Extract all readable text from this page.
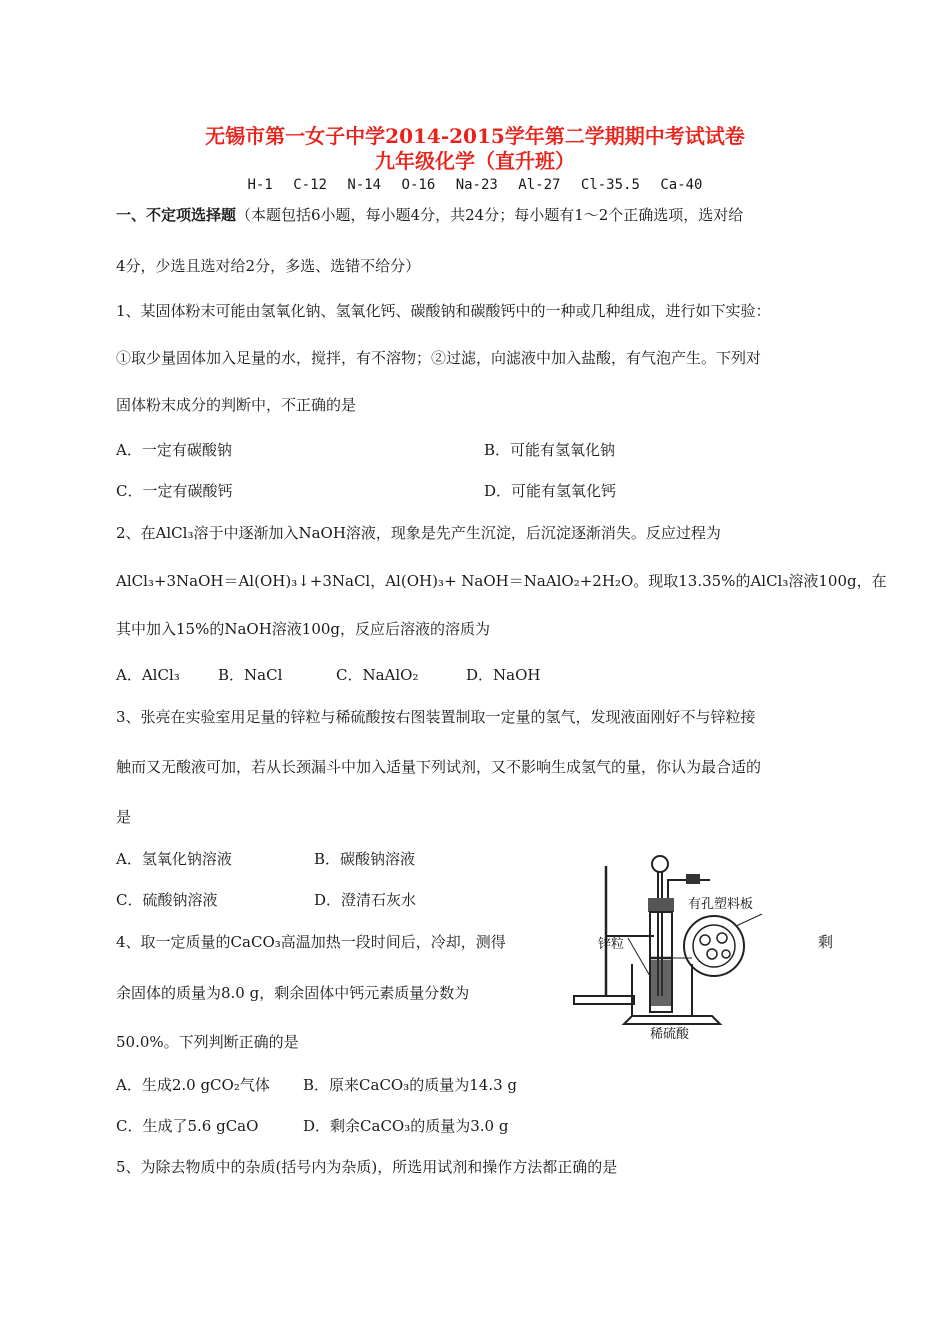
无锡市第一女子中学2014-2015学年第二学期期中考试试卷
九年级化学（直升班）
H-1 C-12 N-14 O-16 Na-23 Al-27 Cl-35.5 Ca-40
一、不定项选择题（本题包括6小题，每小题4分，共24分；每小题有1～2个正确选项，选对给
4分，少选且选对给2分，多选、选错不给分）
1、某固体粉末可能由氢氧化钠、氢氧化钙、碳酸钠和碳酸钙中的一种或几种组成，进行如下实验：
①取少量固体加入足量的水，搅拌，有不溶物；②过滤，向滤液中加入盐酸，有气泡产生。下列对
固体粉末成分的判断中，不正确的是
A．一定有碳酸钠	B．可能有氢氧化钠
C．一定有碳酸钙	D．可能有氢氧化钙
2、在AlCl₃溶于中逐渐加入NaOH溶液，现象是先产生沉淀，后沉淀逐渐消失。反应过程为
AlCl₃+3NaOH＝Al(OH)₃↓+3NaCl，Al(OH)₃+ NaOH＝NaAlO₂+2H₂O。现取13.35%的AlCl₃溶液100g，在
其中加入15%的NaOH溶液100g，反应后溶液的溶质为
A．AlCl₃	B．NaCl	C．NaAlO₂	D．NaOH
3、张亮在实验室用足量的锌粒与稀硫酸按右图装置制取一定量的氢气，发现液面刚好不与锌粒接
触而又无酸液可加，若从长颈漏斗中加入适量下列试剂，又不影响生成氢气的量，你认为最合适的
是
A．氢氧化钠溶液	B．碳酸钠溶液
C．硫酸钠溶液	D．澄清石灰水	有孔塑料板
锌粒
稀硫酸
4、取一定质量的CaCO₃高温加热一段时间后，冷却，测得	剩
余固体的质量为8.0 g，剩余固体中钙元素质量分数为
50.0%。下列判断正确的是
A．生成2.0 gCO₂气体 B．原来CaCO₃的质量为14.3 g
C．生成了5.6 gCaO	D．剩余CaCO₃的质量为3.0 g
5、为除去物质中的杂质(括号内为杂质)，所选用试剂和操作方法都正确的是
